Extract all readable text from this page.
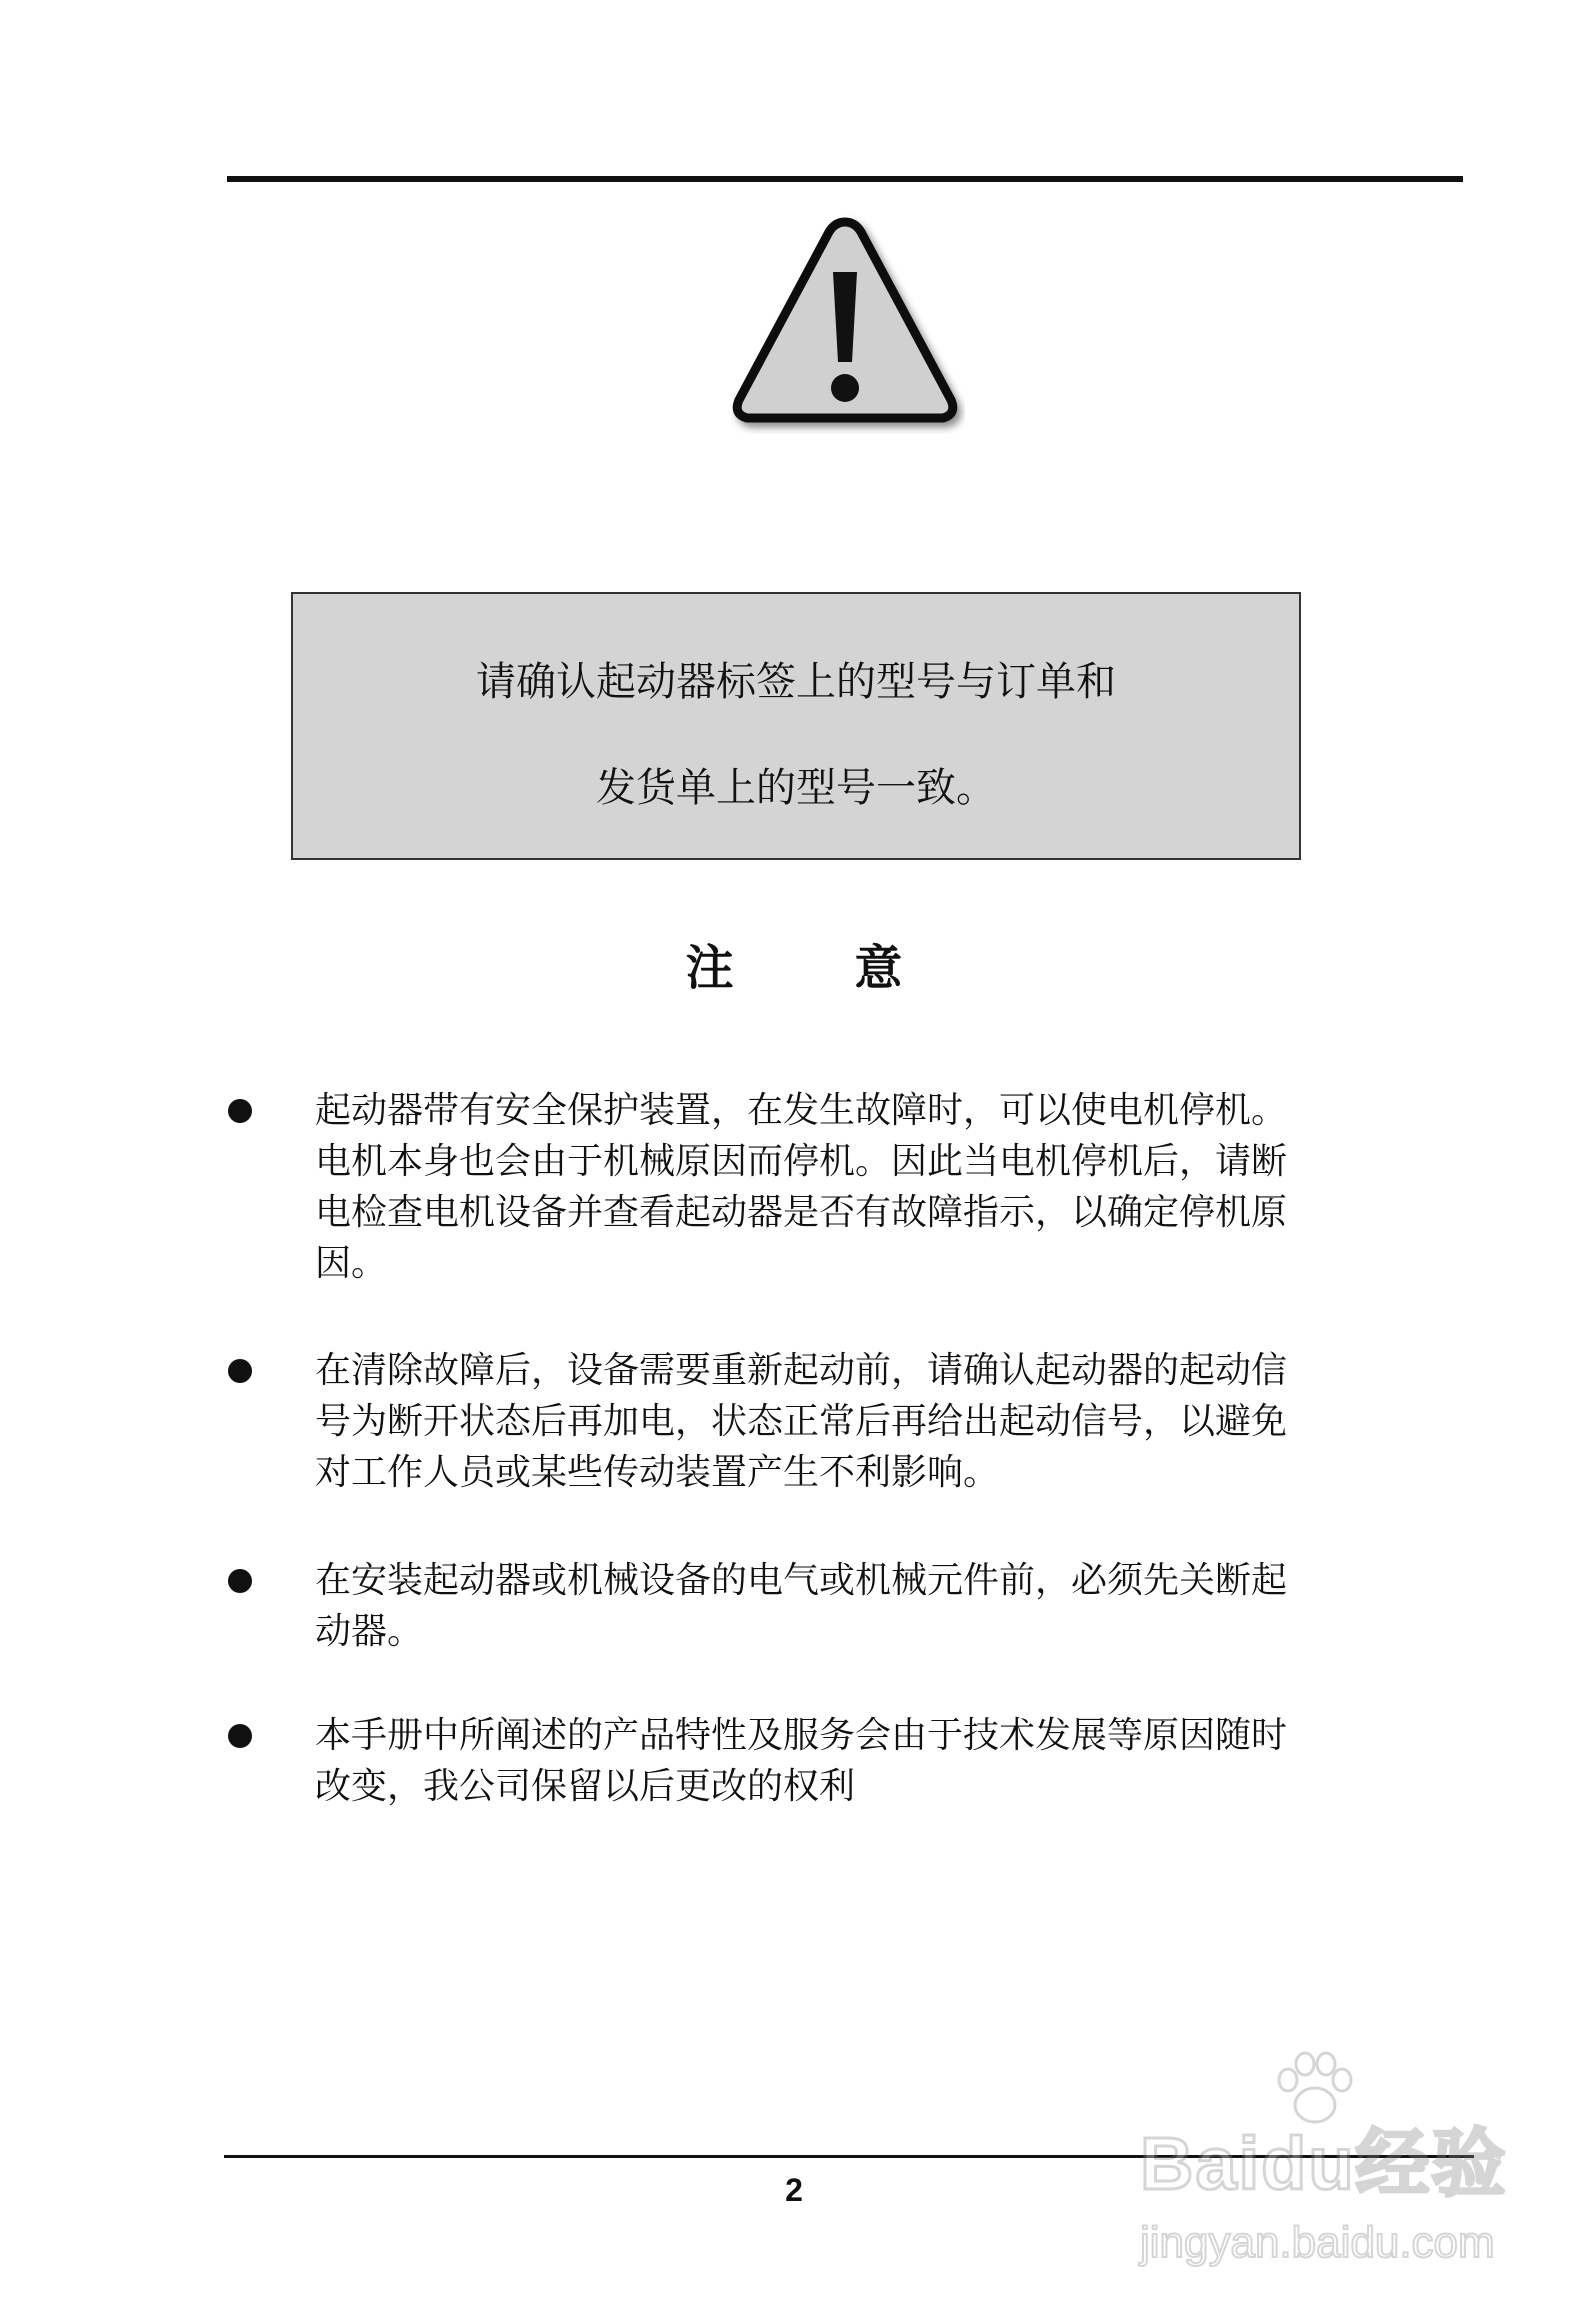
请确认起动器标签上的型号与订单和
发货单上的型号一致。
注 意
起动器带有安全保护装置，在发生故障时，可以使电机停机。电机本身也会由于机械原因而停机。因此当电机停机后，请断电检查电机设备并查看起动器是否有故障指示，以确定停机原因。
在清除故障后，设备需要重新起动前，请确认起动器的起动信号为断开状态后再加电，状态正常后再给出起动信号，以避免对工作人员或某些传动装置产生不利影响。
在安装起动器或机械设备的电气或机械元件前，必须先关断起动器。
本手册中所阐述的产品特性及服务会由于技术发展等原因随时改变，我公司保留以后更改的权利
2	Baidu经验
jingyan.baidu.com
